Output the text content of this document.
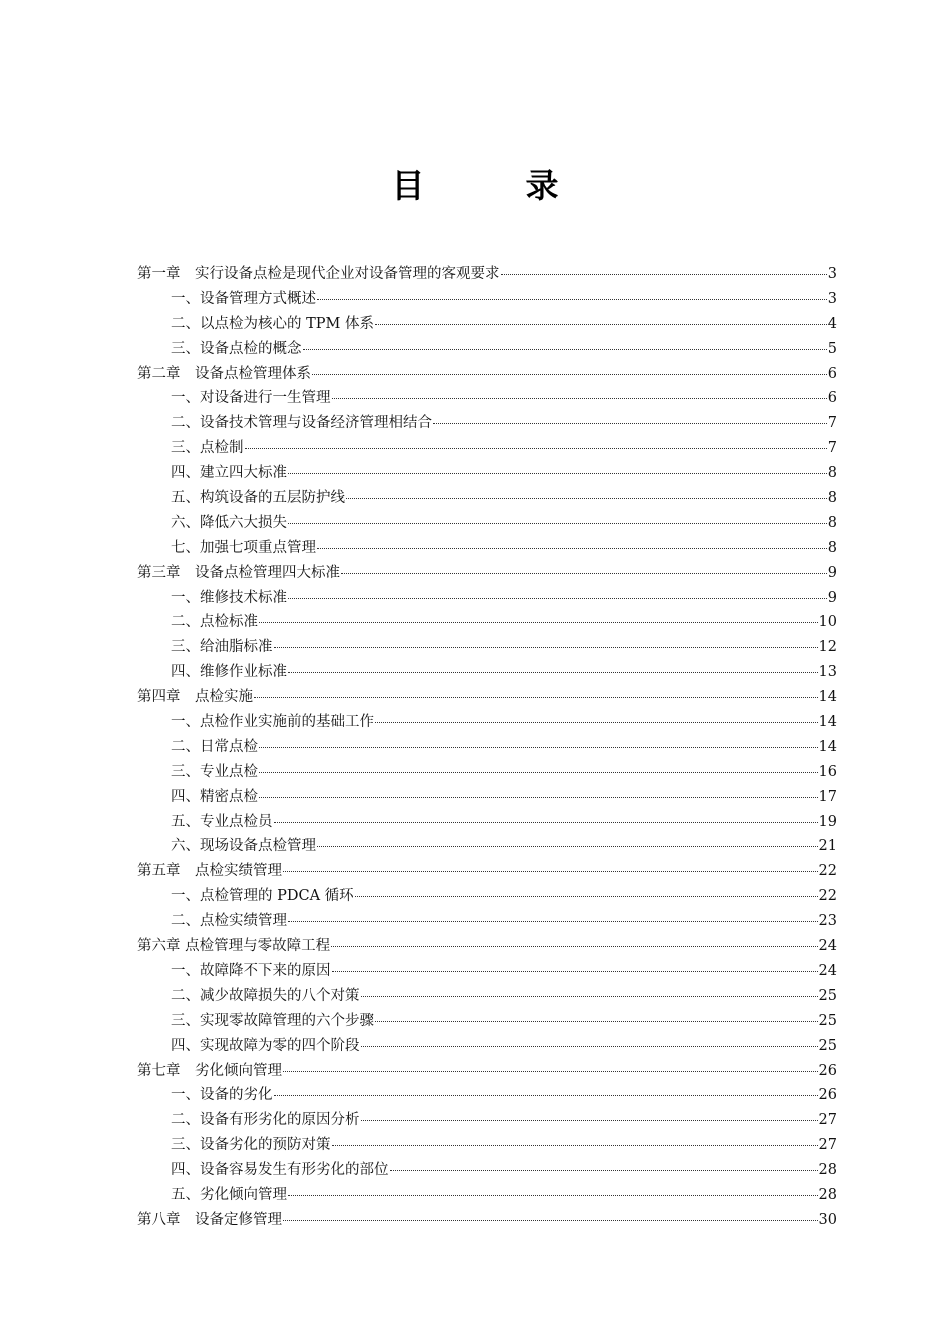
目　录
第一章　实行设备点检是现代企业对设备管理的客观要求	3
一、设备管理方式概述	3
二、以点检为核心的 TPM 体系	4
三、设备点检的概念	5
第二章　设备点检管理体系	6
一、对设备进行一生管理	6
二、设备技术管理与设备经济管理相结合	7
三、点检制	7
四、建立四大标准	8
五、构筑设备的五层防护线	8
六、降低六大损失	8
七、加强七项重点管理	8
第三章　设备点检管理四大标准	9
一、维修技术标准	9
二、点检标准	10
三、给油脂标准	12
四、维修作业标准	13
第四章　点检实施	14
一、点检作业实施前的基础工作	14
二、日常点检	14
三、专业点检	16
四、精密点检	17
五、专业点检员	19
六、现场设备点检管理	21
第五章　点检实绩管理	22
一、点检管理的 PDCA 循环	22
二、点检实绩管理	23
第六章 点检管理与零故障工程	24
一、故障降不下来的原因	24
二、减少故障损失的八个对策	25
三、实现零故障管理的六个步骤	25
四、实现故障为零的四个阶段	25
第七章　劣化倾向管理	26
一、设备的劣化	26
二、设备有形劣化的原因分析	27
三、设备劣化的预防对策	27
四、设备容易发生有形劣化的部位	28
五、劣化倾向管理	28
第八章　设备定修管理	30
